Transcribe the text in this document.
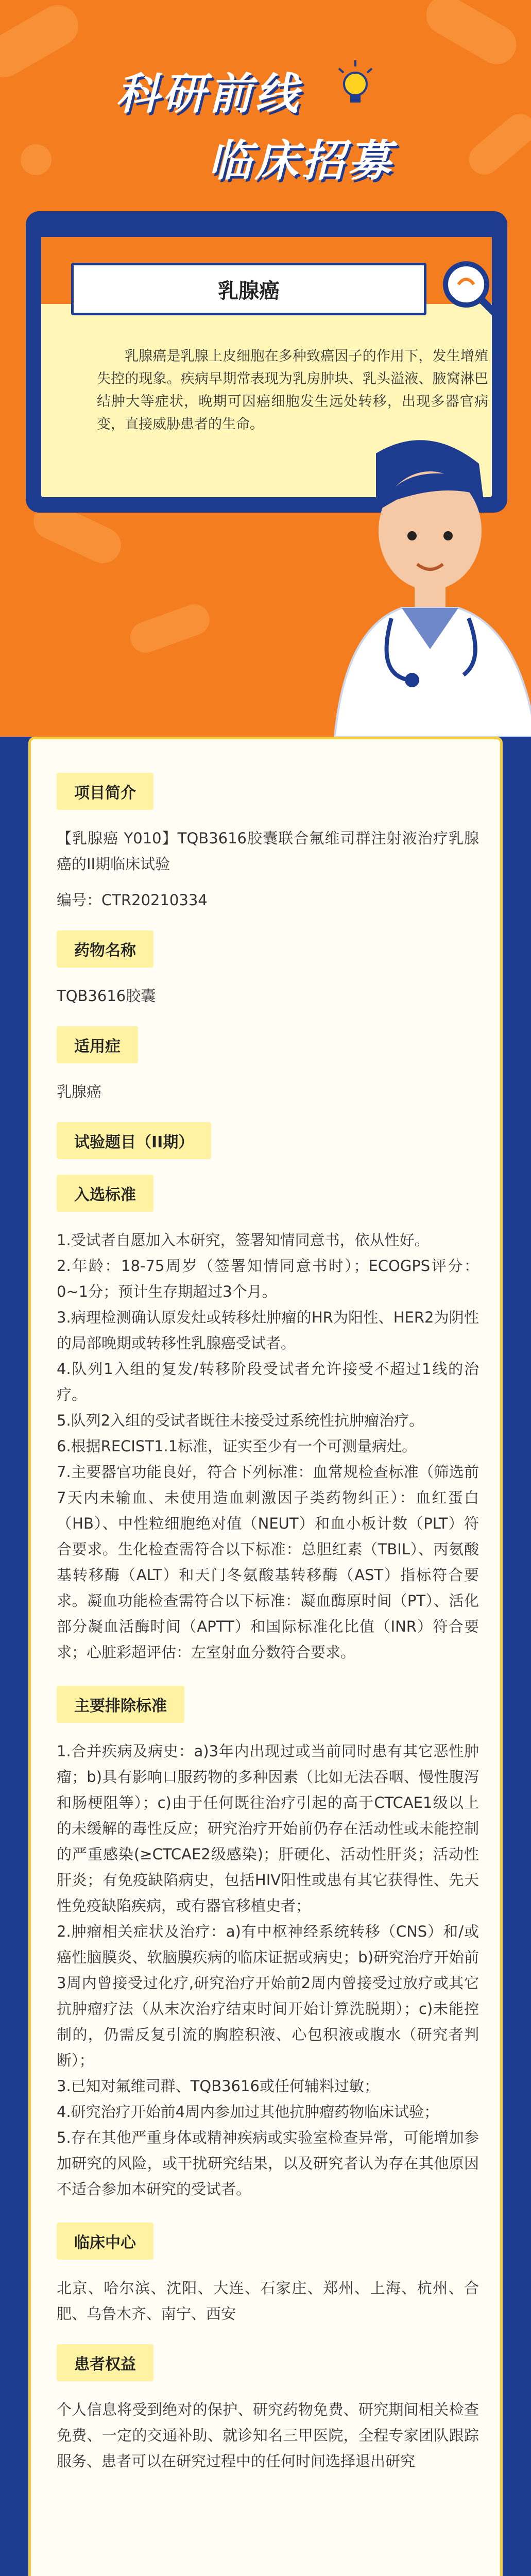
科研前线
临床招募
乳腺癌
乳腺癌是乳腺上皮细胞在多种致癌因子的作用下，发生增殖失控的现象。疾病早期常表现为乳房肿块、乳头溢液、腋窝淋巴结肿大等症状，晚期可因癌细胞发生远处转移，出现多器官病变，直接威胁患者的生命。
项目简介
【乳腺癌 Y010】TQB3616胶囊联合氟维司群注射液治疗乳腺癌的II期临床试验
编号：CTR20210334
药物名称
TQB3616胶囊
适用症
乳腺癌
试验题目（II期）
入选标准
1.受试者自愿加入本研究，签署知情同意书，依从性好。
2.年龄：18-75周岁（签署知情同意书时）；ECOGPS评分：0~1分；预计生存期超过3个月。
3.病理检测确认原发灶或转移灶肿瘤的HR为阳性、HER2为阴性的局部晚期或转移性乳腺癌受试者。
4.队列1入组的复发/转移阶段受试者允许接受不超过1线的治疗。
5.队列2入组的受试者既往未接受过系统性抗肿瘤治疗。
6.根据RECIST1.1标准，证实至少有一个可测量病灶。
7.主要器官功能良好，符合下列标准：血常规检查标准（筛选前7天内未输血、未使用造血刺激因子类药物纠正）：血红蛋白（HB）、中性粒细胞绝对值（NEUT）和血小板计数（PLT）符合要求。生化检查需符合以下标准：总胆红素（TBIL）、丙氨酸基转移酶（ALT）和天门冬氨酸基转移酶（AST）指标符合要求。凝血功能检查需符合以下标准：凝血酶原时间（PT）、活化部分凝血活酶时间（APTT）和国际标准化比值（INR）符合要求；心脏彩超评估：左室射血分数符合要求。
主要排除标准
1.合并疾病及病史：a)3年内出现过或当前同时患有其它恶性肿瘤；b)具有影响口服药物的多种因素（比如无法吞咽、慢性腹泻和肠梗阻等）；c)由于任何既往治疗引起的高于CTCAE1级以上的未缓解的毒性反应；研究治疗开始前仍存在活动性或未能控制的严重感染(≥CTCAE2级感染)；肝硬化、活动性肝炎；活动性肝炎；有免疫缺陷病史，包括HIV阳性或患有其它获得性、先天性免疫缺陷疾病，或有器官移植史者；
2.肿瘤相关症状及治疗：a)有中枢神经系统转移（CNS）和/或癌性脑膜炎、软脑膜疾病的临床证据或病史；b)研究治疗开始前3周内曾接受过化疗,研究治疗开始前2周内曾接受过放疗或其它抗肿瘤疗法（从末次治疗结束时间开始计算洗脱期）；c)未能控制的，仍需反复引流的胸腔积液、心包积液或腹水（研究者判断）；
3.已知对氟维司群、TQB3616或任何辅料过敏；
4.研究治疗开始前4周内参加过其他抗肿瘤药物临床试验；
5.存在其他严重身体或精神疾病或实验室检查异常，可能增加参加研究的风险，或干扰研究结果，以及研究者认为存在其他原因不适合参加本研究的受试者。
临床中心
北京、哈尔滨、沈阳、大连、石家庄、郑州、上海、杭州、合肥、乌鲁木齐、南宁、西安
患者权益
个人信息将受到绝对的保护、研究药物免费、研究期间相关检查免费、一定的交通补助、就诊知名三甲医院，全程专家团队跟踪服务、患者可以在研究过程中的任何时间选择退出研究
